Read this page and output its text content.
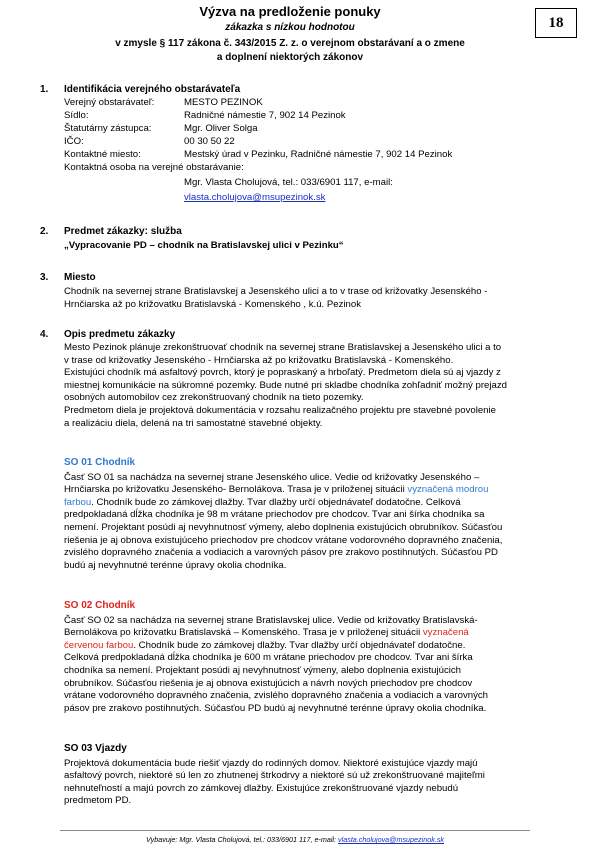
Výzva na predloženie ponuky
zákazka s nízkou hodnotou
v zmysle § 117 zákona č. 343/2015 Z. z. o verejnom obstarávaní a o zmene
a doplnení niektorých zákonov
18
1. Identifikácia verejného obstarávateľa
Verejný obstarávateľ:	MESTO PEZINOK
Sídlo:	Radničné námestie 7, 902 14 Pezinok
Štatutárny zástupca:	Mgr. Oliver Solga
IČO:	00 30 50 22
Kontaktné miesto:	Mestský úrad v Pezinku, Radničné námestie 7, 902 14 Pezinok
Kontaktná osoba na verejné obstarávanie:
Mgr. Vlasta Cholujová, tel.: 033/6901 117, e-mail:
vlasta.cholujova@msupezinok.sk
2. Predmet zákazky: služba
„Vypracovanie PD – chodník na Bratislavskej ulici v Pezinku“
3. Miesto
Chodník na severnej strane Bratislavskej a Jesenského ulici a to v trase od križovatky Jesenského -
Hrnčiarska až po križovatku Bratislavská - Komenského , k.ú. Pezinok
4. Opis predmetu zákazky
Mesto Pezinok plánuje zrekonštruovať chodník na severnej strane Bratislavskej a Jesenského ulici a to
v trase od križovatky Jesenského - Hrnčiarska až po križovatku Bratislavská - Komenského.
Existujúci chodník má asfaltový povrch, ktorý je popraskaný a hrboľatý. Predmetom diela sú aj vjazdy z
miestnej komunikácie na súkromné pozemky. Bude nutné pri skladbe chodníka zohľadniť možný prejazd
osobných automobilov cez zrekonštruovaný chodník na tieto pozemky.
Predmetom diela je projektová dokumentácia v rozsahu realizačného projektu pre stavebné povolenie
a realizáciu diela, delená na tri samostatné stavebné objekty.
SO 01 Chodník
Časť SO 01 sa nachádza na severnej strane Jesenského ulice. Vedie od križovatky Jesenského –
Hrnčiarska po križovatku Jesenského- Bernolákova. Trasa je v priloženej situácii vyznačená modrou
farbou. Chodník bude zo zámkovej dlažby. Tvar dlažby určí objednávateľ dodatočne. Celková
predpokladaná dĺžka chodníka je 98 m vrátane priechodov pre chodcov. Tvar ani šírka chodníka sa
nemení. Projektant posúdi aj nevyhnutnosť výmeny, alebo doplnenia existujúcich obrubníkov. Súčasťou
riešenia je aj obnova existujúceho priechodov pre chodcov vrátane vodorovného dopravného značenia,
zvislého dopravného značenia a vodiacich a varovných pásov pre zrakovo postihnutých. Súčasťou PD
budú aj nevyhnutné terénne úpravy okolia chodníka.
SO 02 Chodník
Časť SO 02 sa nachádza na severnej strane Bratislavskej ulice. Vedie od križovatky Bratislavská-
Bernolákova po križovatku Bratislavská – Komenského. Trasa je v priloženej situácii vyznačená
červenou farbou. Chodník bude zo zámkovej dlažby. Tvar dlažby určí objednávateľ dodatočne.
Celková predpokladaná dĺžka chodníka je 600 m vrátane priechodov pre chodcov. Tvar ani šírka
chodníka sa nemení. Projektant posúdi aj nevyhnutnosť výmeny, alebo doplnenia existujúcich
obrubníkov. Súčasťou riešenia je aj obnova existujúcich a návrh nových priechodov pre chodcov
vrátane vodorovného dopravného značenia, zvislého dopravného značenia a vodiacich a varovných
pásov pre zrakovo postihnutých. Súčasťou PD budú aj nevyhnutné terénne úpravy okolia chodníka.
SO 03 Vjazdy
Projektová dokumentácia bude riešiť vjazdy do rodinných domov. Niektoré existujúce vjazdy majú
asfaltový povrch, niektoré sú len zo zhutnenej štrkodrvy a niektoré sú už zrekonštruované majiteľmi
nehnuteľností a majú povrch zo zámkovej dlažby. Existujúce zrekonštruované vjazdy nebudú
predmetom PD.
Vybavuje: Mgr. Vlasta Cholujová, tel.: 033/6901 117, e-mail: vlasta.cholujova@msupezinok.sk
